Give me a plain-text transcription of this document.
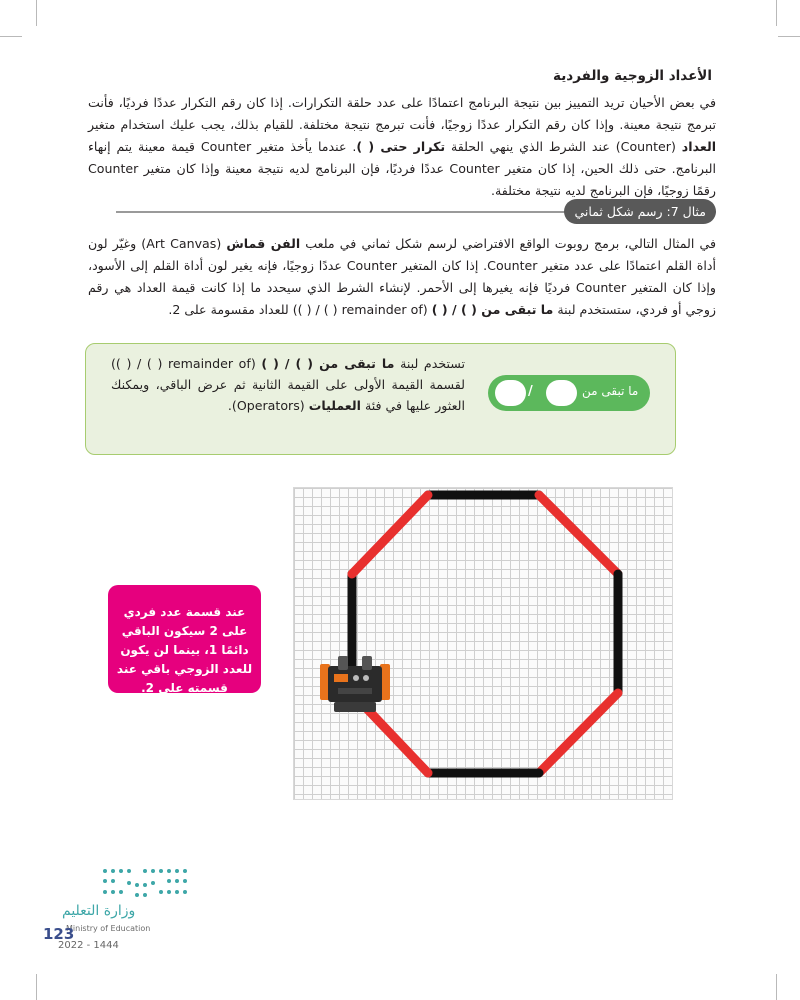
الأعداد الزوجية والفردية

في بعض الأحيان تريد التمييز بين نتيجة البرنامج اعتمادًا على عدد حلقة التكرارات. إذا كان رقم التكرار عددًا فرديًا، فأنت تبرمج نتيجة معينة. وإذا كان رقم التكرار عددًا زوجيًا، فأنت تبرمج نتيجة مختلفة. للقيام بذلك، يجب عليك استخدام متغير العداد (Counter) عند الشرط الذي ينهي الحلقة تكرار حتى ( ). عندما يأخذ متغير Counter قيمة معينة يتم إنهاء البرنامج. حتى ذلك الحين، إذا كان متغير Counter عددًا فرديًا، فإن البرنامج لديه نتيجة معينة وإذا كان متغير Counter رقمًا زوجيًا، فإن البرنامج لديه نتيجة مختلفة.

مثال 7: رسم شكل ثماني

في المثال التالي، برمج روبوت الواقع الافتراضي لرسم شكل ثماني في ملعب الفن قماش (Art Canvas) وغيّر لون أداة القلم اعتمادًا على عدد متغير Counter. إذا كان المتغير Counter عددًا زوجيًا، فإنه يغير لون أداة القلم إلى الأسود، وإذا كان المتغير Counter فرديًا فإنه يغيرها إلى الأحمر. لإنشاء الشرط الذي سيحدد ما إذا كانت قيمة العداد هي رقم زوجي أو فردي، ستستخدم لبنة ما تبقى من ( ) / ( ) (remainder of ( ) / ( )) للعداد مقسومة على 2.

تستخدم لبنة ما تبقى من ( ) / ( ) (remainder of ( ) / ( )) لقسمة القيمة الأولى على القيمة الثانية ثم عرض الباقي، ويمكنك العثور عليها في فئة العمليات (Operators).

/	ما تبقى من

عند قسمة عدد فردي على 2 سيكون الباقي دائمًا 1، بينما لن يكون للعدد الزوجي باقي عند قسمته على 2.

وزارة التعليم
Ministry of Education
123
2022 - 1444
